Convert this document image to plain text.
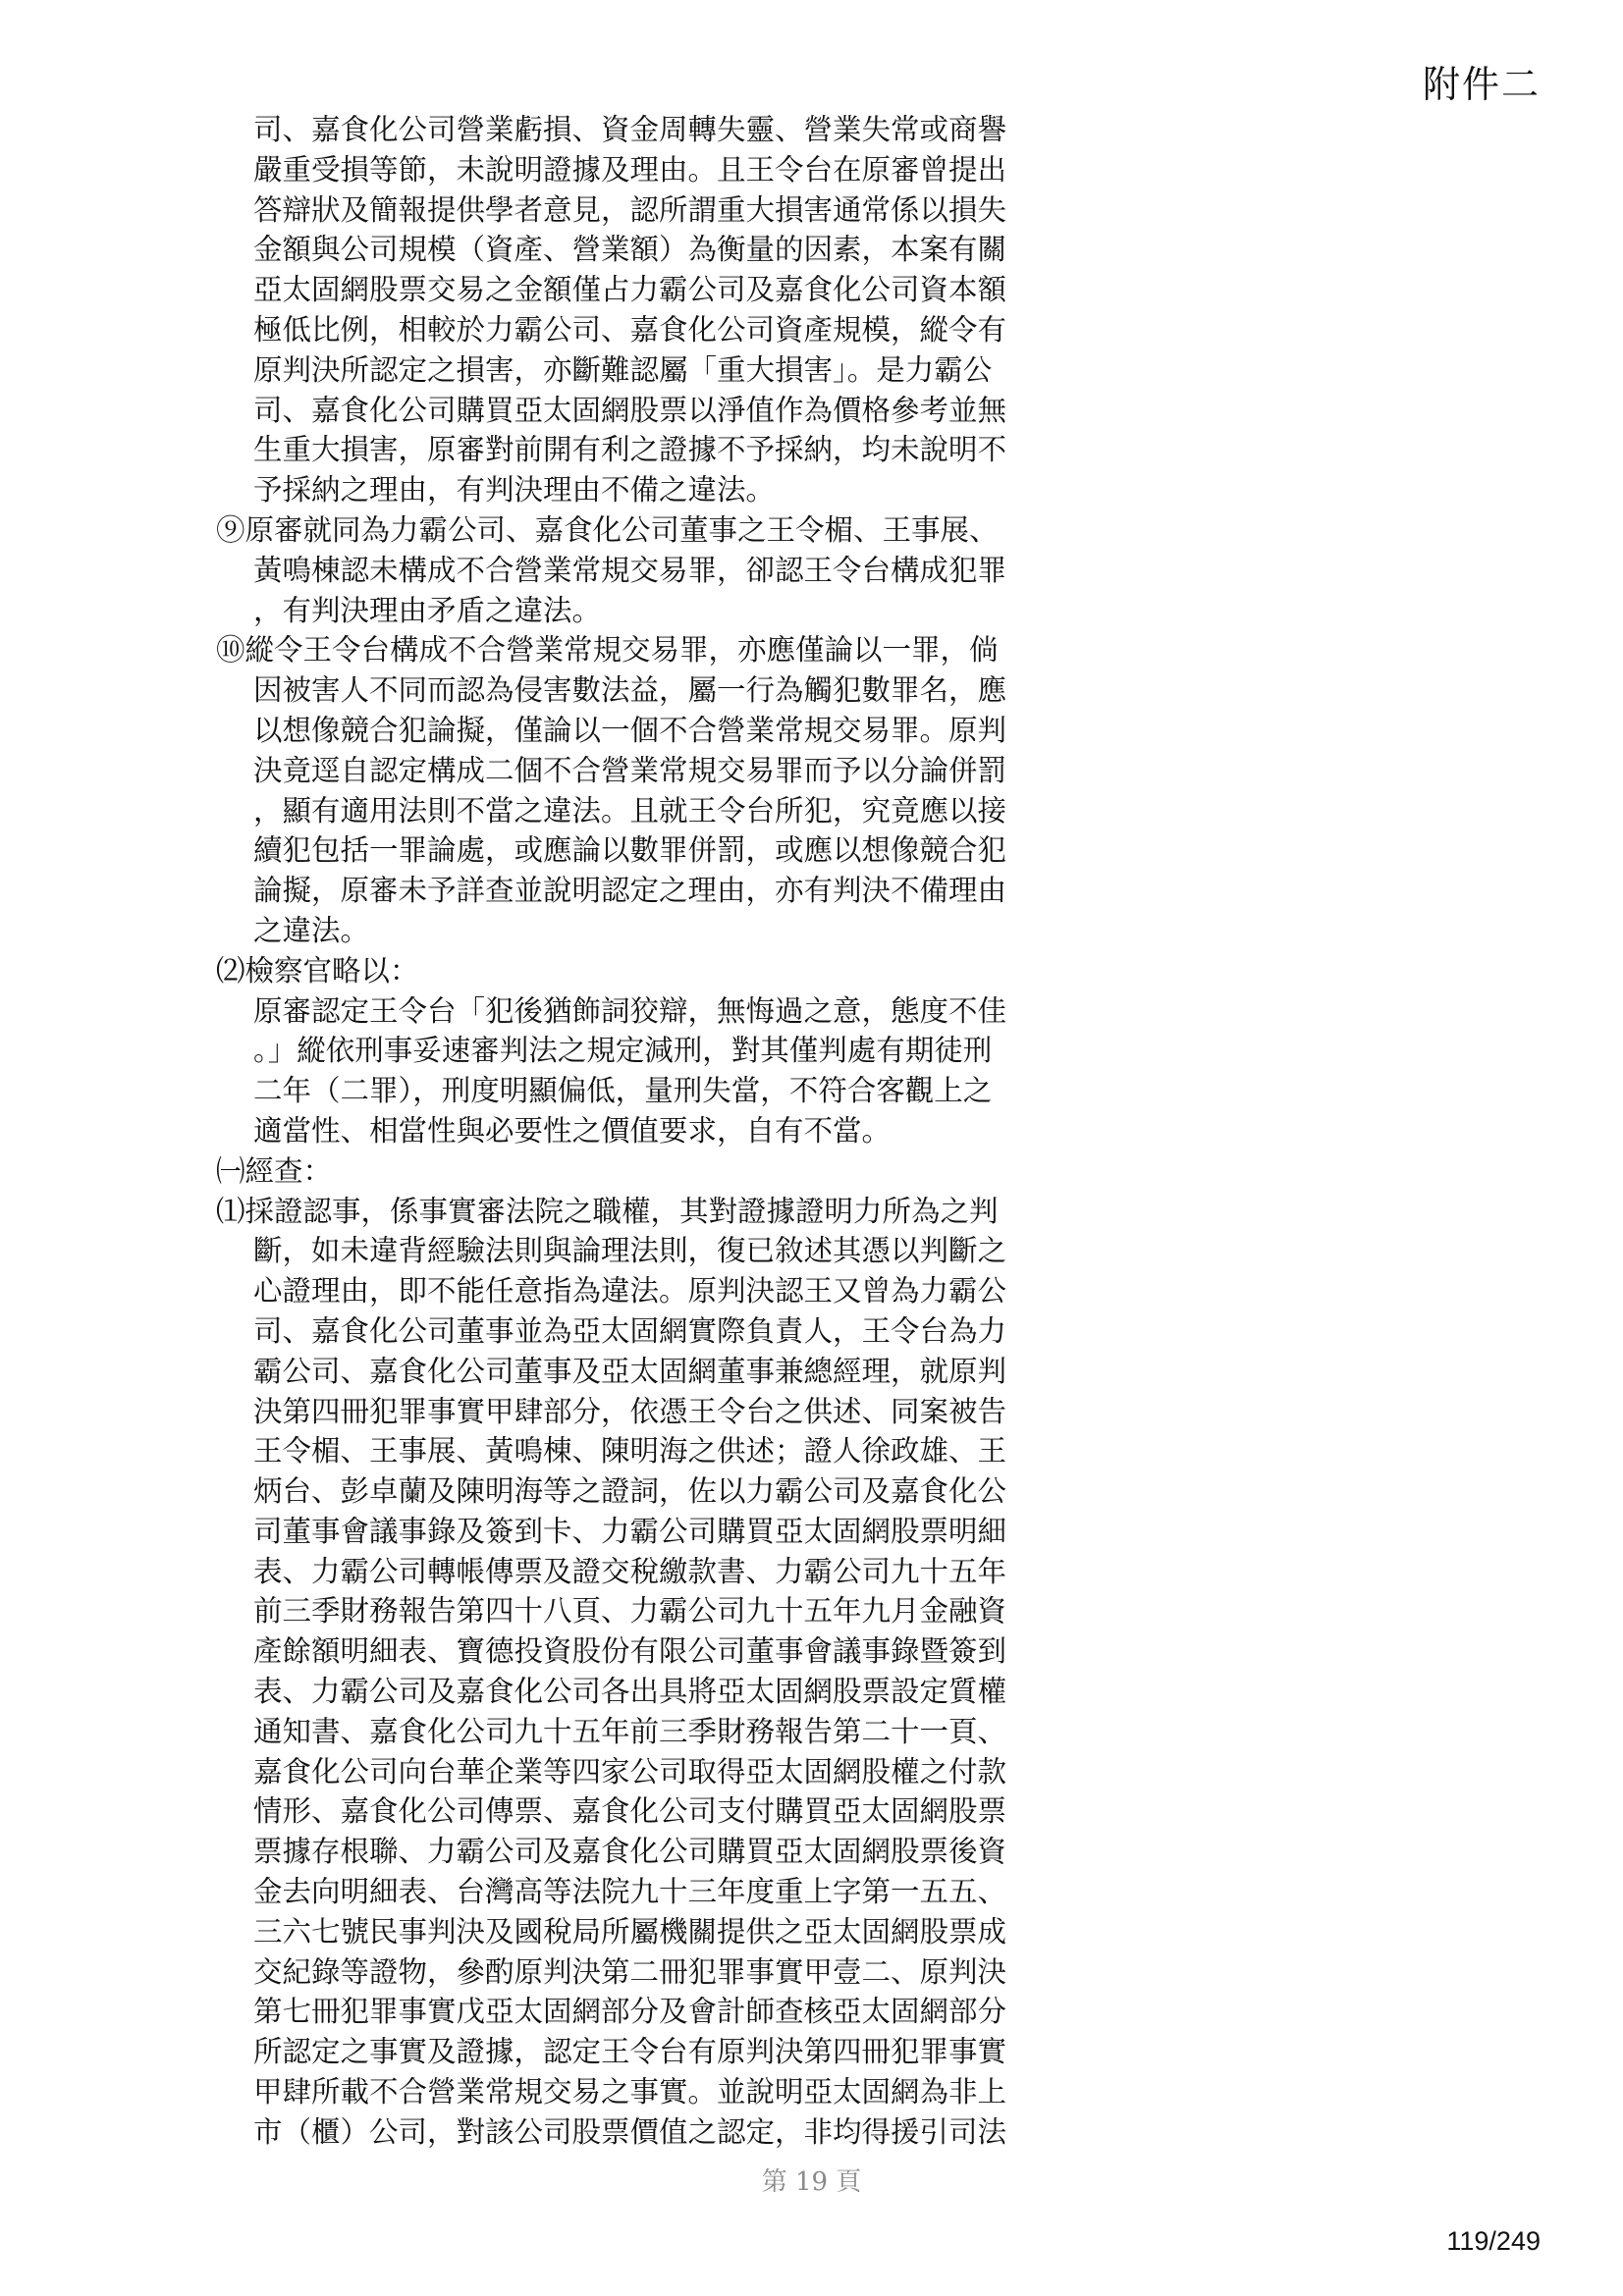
附件二
司、嘉食化公司營業虧損、資金周轉失靈、營業失常或商譽
嚴重受損等節，未說明證據及理由。且王令台在原審曾提出
答辯狀及簡報提供學者意見，認所謂重大損害通常係以損失
金額與公司規模（資產、營業額）為衡量的因素，本案有關
亞太固網股票交易之金額僅占力霸公司及嘉食化公司資本額
極低比例，相較於力霸公司、嘉食化公司資產規模，縱令有
原判決所認定之損害，亦斷難認屬「重大損害」。是力霸公
司、嘉食化公司購買亞太固網股票以淨值作為價格參考並無
生重大損害，原審對前開有利之證據不予採納，均未說明不
予採納之理由，有判決理由不備之違法。
⑨原審就同為力霸公司、嘉食化公司董事之王令楣、王事展、
黃鳴棟認未構成不合營業常規交易罪，卻認王令台構成犯罪
，有判決理由矛盾之違法。
⑩縱令王令台構成不合營業常規交易罪，亦應僅論以一罪，倘
因被害人不同而認為侵害數法益，屬一行為觸犯數罪名，應
以想像競合犯論擬，僅論以一個不合營業常規交易罪。原判
決竟逕自認定構成二個不合營業常規交易罪而予以分論併罰
，顯有適用法則不當之違法。且就王令台所犯，究竟應以接
續犯包括一罪論處，或應論以數罪併罰，或應以想像競合犯
論擬，原審未予詳查並說明認定之理由，亦有判決不備理由
之違法。
⑵檢察官略以：
原審認定王令台「犯後猶飾詞狡辯，無悔過之意，態度不佳
。」縱依刑事妥速審判法之規定減刑，對其僅判處有期徒刑
二年（二罪），刑度明顯偏低，量刑失當，不符合客觀上之
適當性、相當性與必要性之價值要求，自有不當。
㈠經查：
⑴採證認事，係事實審法院之職權，其對證據證明力所為之判
斷，如未違背經驗法則與論理法則，復已敘述其憑以判斷之
心證理由，即不能任意指為違法。原判決認王又曾為力霸公
司、嘉食化公司董事並為亞太固網實際負責人，王令台為力
霸公司、嘉食化公司董事及亞太固網董事兼總經理，就原判
決第四冊犯罪事實甲肆部分，依憑王令台之供述、同案被告
王令楣、王事展、黃鳴棟、陳明海之供述；證人徐政雄、王
炳台、彭卓蘭及陳明海等之證詞，佐以力霸公司及嘉食化公
司董事會議事錄及簽到卡、力霸公司購買亞太固網股票明細
表、力霸公司轉帳傳票及證交稅繳款書、力霸公司九十五年
前三季財務報告第四十八頁、力霸公司九十五年九月金融資
產餘額明細表、寶德投資股份有限公司董事會議事錄暨簽到
表、力霸公司及嘉食化公司各出具將亞太固網股票設定質權
通知書、嘉食化公司九十五年前三季財務報告第二十一頁、
嘉食化公司向台華企業等四家公司取得亞太固網股權之付款
情形、嘉食化公司傳票、嘉食化公司支付購買亞太固網股票
票據存根聯、力霸公司及嘉食化公司購買亞太固網股票後資
金去向明細表、台灣高等法院九十三年度重上字第一五五、
三六七號民事判決及國稅局所屬機關提供之亞太固網股票成
交紀錄等證物，參酌原判決第二冊犯罪事實甲壹二、原判決
第七冊犯罪事實戊亞太固網部分及會計師查核亞太固網部分
所認定之事實及證據，認定王令台有原判決第四冊犯罪事實
甲肆所載不合營業常規交易之事實。並說明亞太固網為非上
市（櫃）公司，對該公司股票價值之認定，非均得援引司法
第 19 頁
119/249
